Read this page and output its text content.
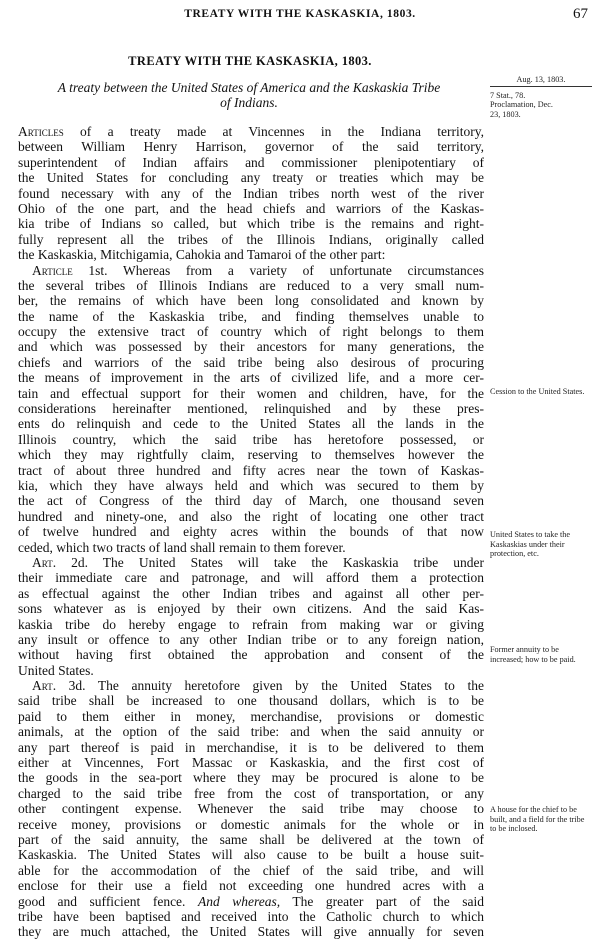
TREATY WITH THE KASKASKIA, 1803.	67
TREATY WITH THE KASKASKIA, 1803.
A treaty between the United States of America and the Kaskaskia Tribe
of Indians.
Aug. 13, 1803.
7 Stat., 78.
Proclamation, Dec.
23, 1803.
Cession to the United States.
United States to take the Kaskaskias under their protection, etc.
Former annuity to be increased; how to be paid.
A house for the chief to be built, and a field for the tribe to be inclosed.
Articles of a treaty made at Vincennes in the Indiana territory,
between William Henry Harrison, governor of the said territory,
superintendent of Indian affairs and commissioner plenipotentiary of
the United States for concluding any treaty or treaties which may be
found necessary with any of the Indian tribes north west of the river
Ohio of the one part, and the head chiefs and warriors of the Kaskas-
kia tribe of Indians so called, but which tribe is the remains and right-
fully represent all the tribes of the Illinois Indians, originally called
the Kaskaskia, Mitchigamia, Cahokia and Tamaroi of the other part:
Article 1st. Whereas from a variety of unfortunate circumstances
the several tribes of Illinois Indians are reduced to a very small num-
ber, the remains of which have been long consolidated and known by
the name of the Kaskaskia tribe, and finding themselves unable to
occupy the extensive tract of country which of right belongs to them
and which was possessed by their ancestors for many generations, the
chiefs and warriors of the said tribe being also desirous of procuring
the means of improvement in the arts of civilized life, and a more cer-
tain and effectual support for their women and children, have, for the
considerations hereinafter mentioned, relinquished and by these pres-
ents do relinquish and cede to the United States all the lands in the
Illinois country, which the said tribe has heretofore possessed, or
which they may rightfully claim, reserving to themselves however the
tract of about three hundred and fifty acres near the town of Kaskas-
kia, which they have always held and which was secured to them by
the act of Congress of the third day of March, one thousand seven
hundred and ninety-one, and also the right of locating one other tract
of twelve hundred and eighty acres within the bounds of that now
ceded, which two tracts of land shall remain to them forever.
Art. 2d. The United States will take the Kaskaskia tribe under
their immediate care and patronage, and will afford them a protection
as effectual against the other Indian tribes and against all other per-
sons whatever as is enjoyed by their own citizens. And the said Kas-
kaskia tribe do hereby engage to refrain from making war or giving
any insult or offence to any other Indian tribe or to any foreign nation,
without having first obtained the approbation and consent of the
United States.
Art. 3d. The annuity heretofore given by the United States to the
said tribe shall be increased to one thousand dollars, which is to be
paid to them either in money, merchandise, provisions or domestic
animals, at the option of the said tribe: and when the said annuity or
any part thereof is paid in merchandise, it is to be delivered to them
either at Vincennes, Fort Massac or Kaskaskia, and the first cost of
the goods in the sea-port where they may be procured is alone to be
charged to the said tribe free from the cost of transportation, or any
other contingent expense. Whenever the said tribe may choose to
receive money, provisions or domestic animals for the whole or in
part of the said annuity, the same shall be delivered at the town of
Kaskaskia. The United States will also cause to be built a house suit-
able for the accommodation of the chief of the said tribe, and will
enclose for their use a field not exceeding one hundred acres with a
good and sufficient fence. And whereas, The greater part of the said
tribe have been baptised and received into the Catholic church to which
they are much attached, the United States will give annually for seven
